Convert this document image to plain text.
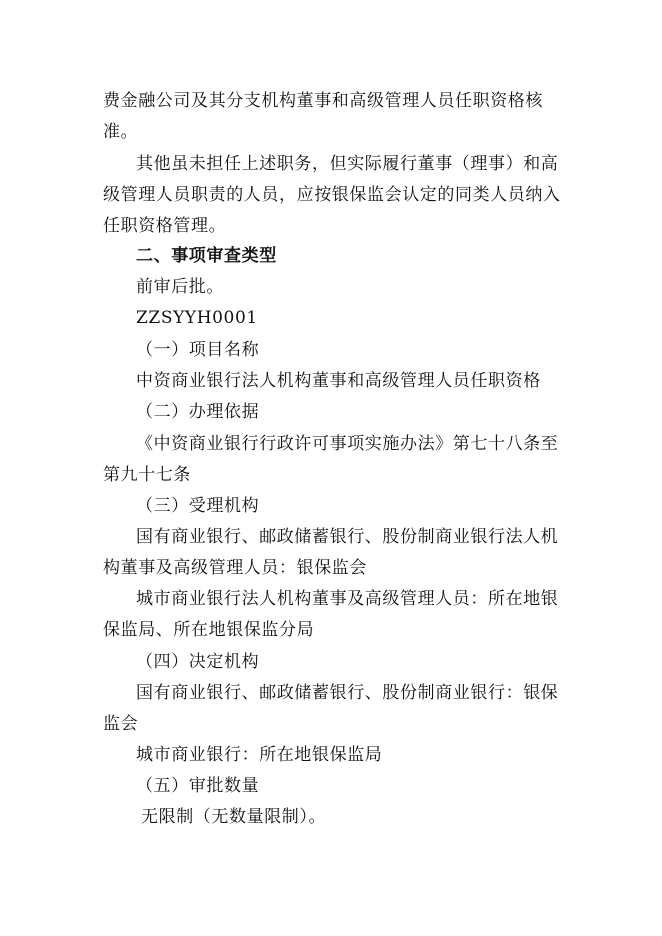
费金融公司及其分支机构董事和高级管理人员任职资格核
准。
其他虽未担任上述职务，但实际履行董事（理事）和高
级管理人员职责的人员，应按银保监会认定的同类人员纳入
任职资格管理。
二、事项审查类型
前审后批。
ZZSYYH0001
（一）项目名称
中资商业银行法人机构董事和高级管理人员任职资格
（二）办理依据
《中资商业银行行政许可事项实施办法》第七十八条至
第九十七条
（三）受理机构
国有商业银行、邮政储蓄银行、股份制商业银行法人机
构董事及高级管理人员：银保监会
城市商业银行法人机构董事及高级管理人员：所在地银
保监局、所在地银保监分局
（四）决定机构
国有商业银行、邮政储蓄银行、股份制商业银行：银保
监会
城市商业银行：所在地银保监局
（五）审批数量
无限制（无数量限制）。
